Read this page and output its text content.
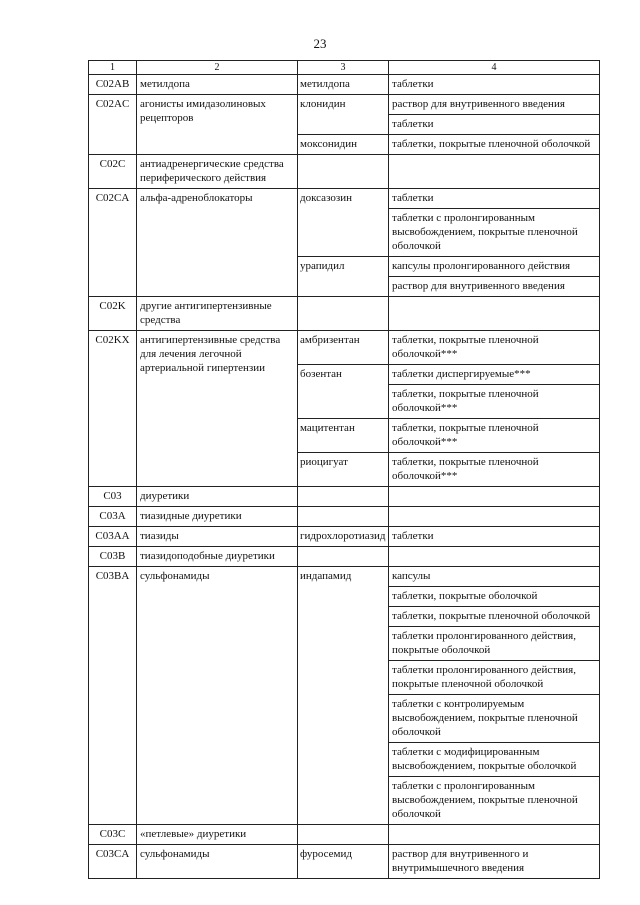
23
1	2	3	4
C02AB	метилдопа	метилдопа	таблетки
C02AC	агонисты имидазолиновых рецепторов	клонидин	раствор для внутривенного введения
			таблетки
		моксонидин	таблетки, покрытые пленочной оболочкой
C02C	антиадренергические средства периферического действия		
C02CA	альфа-адреноблокаторы	доксазозин	таблетки
			таблетки с пролонгированным высвобождением, покрытые пленочной оболочкой
		урапидил	капсулы пролонгированного действия
			раствор для внутривенного введения
C02K	другие антигипертензивные средства		
C02KX	антигипертензивные средства для лечения легочной артериальной гипертензии	амбризентан	таблетки, покрытые пленочной оболочкой***
		бозентан	таблетки диспергируемые***
			таблетки, покрытые пленочной оболочкой***
		мацитентан	таблетки, покрытые пленочной оболочкой***
		риоцигуат	таблетки, покрытые пленочной оболочкой***
C03	диуретики		
C03A	тиазидные диуретики		
C03AA	тиазиды	гидрохлоротиазид	таблетки
C03B	тиазидоподобные диуретики		
C03BA	сульфонамиды	индапамид	капсулы
			таблетки, покрытые оболочкой
			таблетки, покрытые пленочной оболочкой
			таблетки пролонгированного действия, покрытые оболочкой
			таблетки пролонгированного действия, покрытые пленочной оболочкой
			таблетки с контролируемым высвобождением, покрытые пленочной оболочкой
			таблетки с модифицированным высвобождением, покрытые оболочкой
			таблетки с пролонгированным высвобождением, покрытые пленочной оболочкой
C03C	«петлевые» диуретики		
C03CA	сульфонамиды	фуросемид	раствор для внутривенного и внутримышечного введения
